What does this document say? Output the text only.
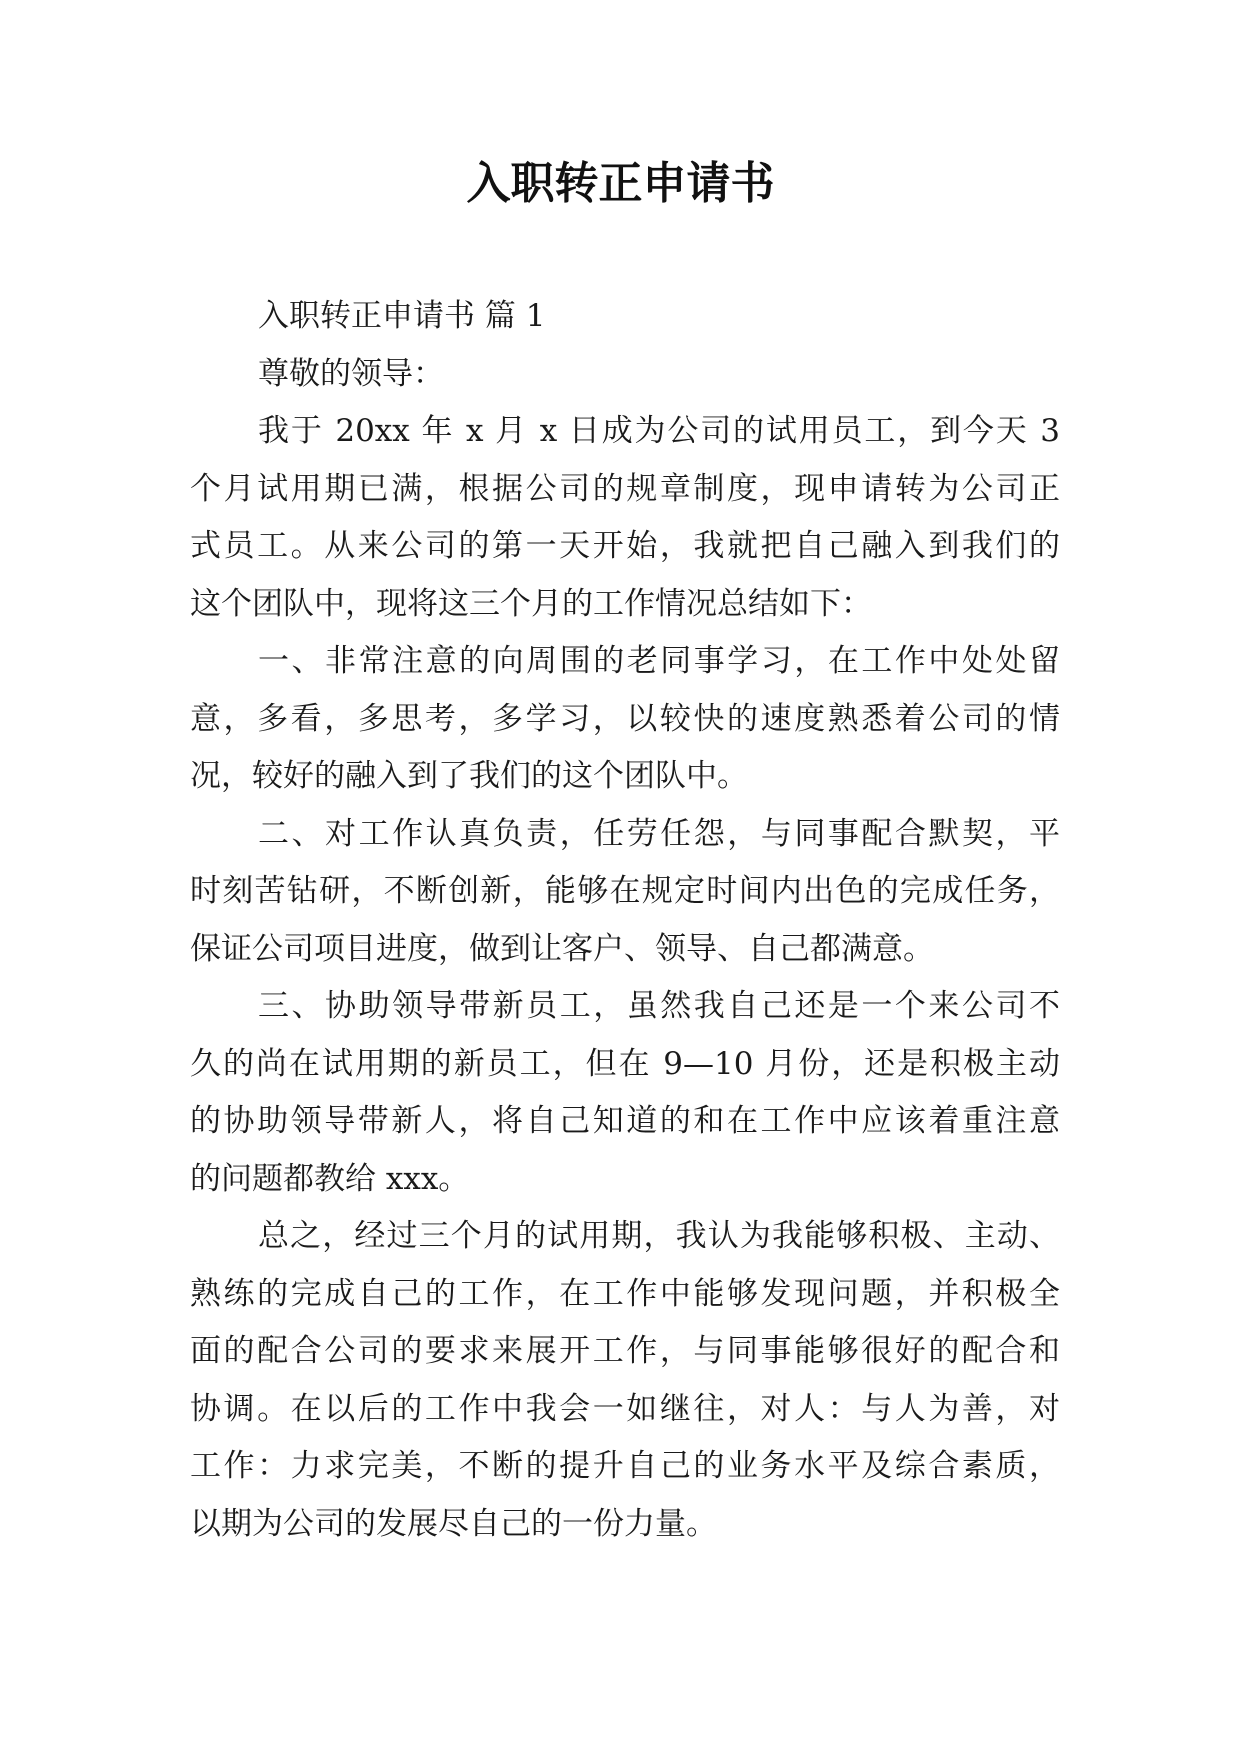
入职转正申请书
入职转正申请书 篇 1
尊敬的领导：
我于 20xx 年 x 月 x 日成为公司的试用员工，到今天 3
个月试用期已满，根据公司的规章制度，现申请转为公司正
式员工。从来公司的第一天开始，我就把自己融入到我们的
这个团队中，现将这三个月的工作情况总结如下：
一、非常注意的向周围的老同事学习，在工作中处处留
意，多看，多思考，多学习，以较快的速度熟悉着公司的情
况，较好的融入到了我们的这个团队中。
二、对工作认真负责，任劳任怨，与同事配合默契，平
时刻苦钻研，不断创新，能够在规定时间内出色的完成任务，
保证公司项目进度，做到让客户、领导、自己都满意。
三、协助领导带新员工，虽然我自己还是一个来公司不
久的尚在试用期的新员工，但在 9—10 月份，还是积极主动
的协助领导带新人，将自己知道的和在工作中应该着重注意
的问题都教给 xxx。
总之，经过三个月的试用期，我认为我能够积极、主动、
熟练的完成自己的工作，在工作中能够发现问题，并积极全
面的配合公司的要求来展开工作，与同事能够很好的配合和
协调。在以后的工作中我会一如继往，对人：与人为善，对
工作：力求完美，不断的提升自己的业务水平及综合素质，
以期为公司的发展尽自己的一份力量。
